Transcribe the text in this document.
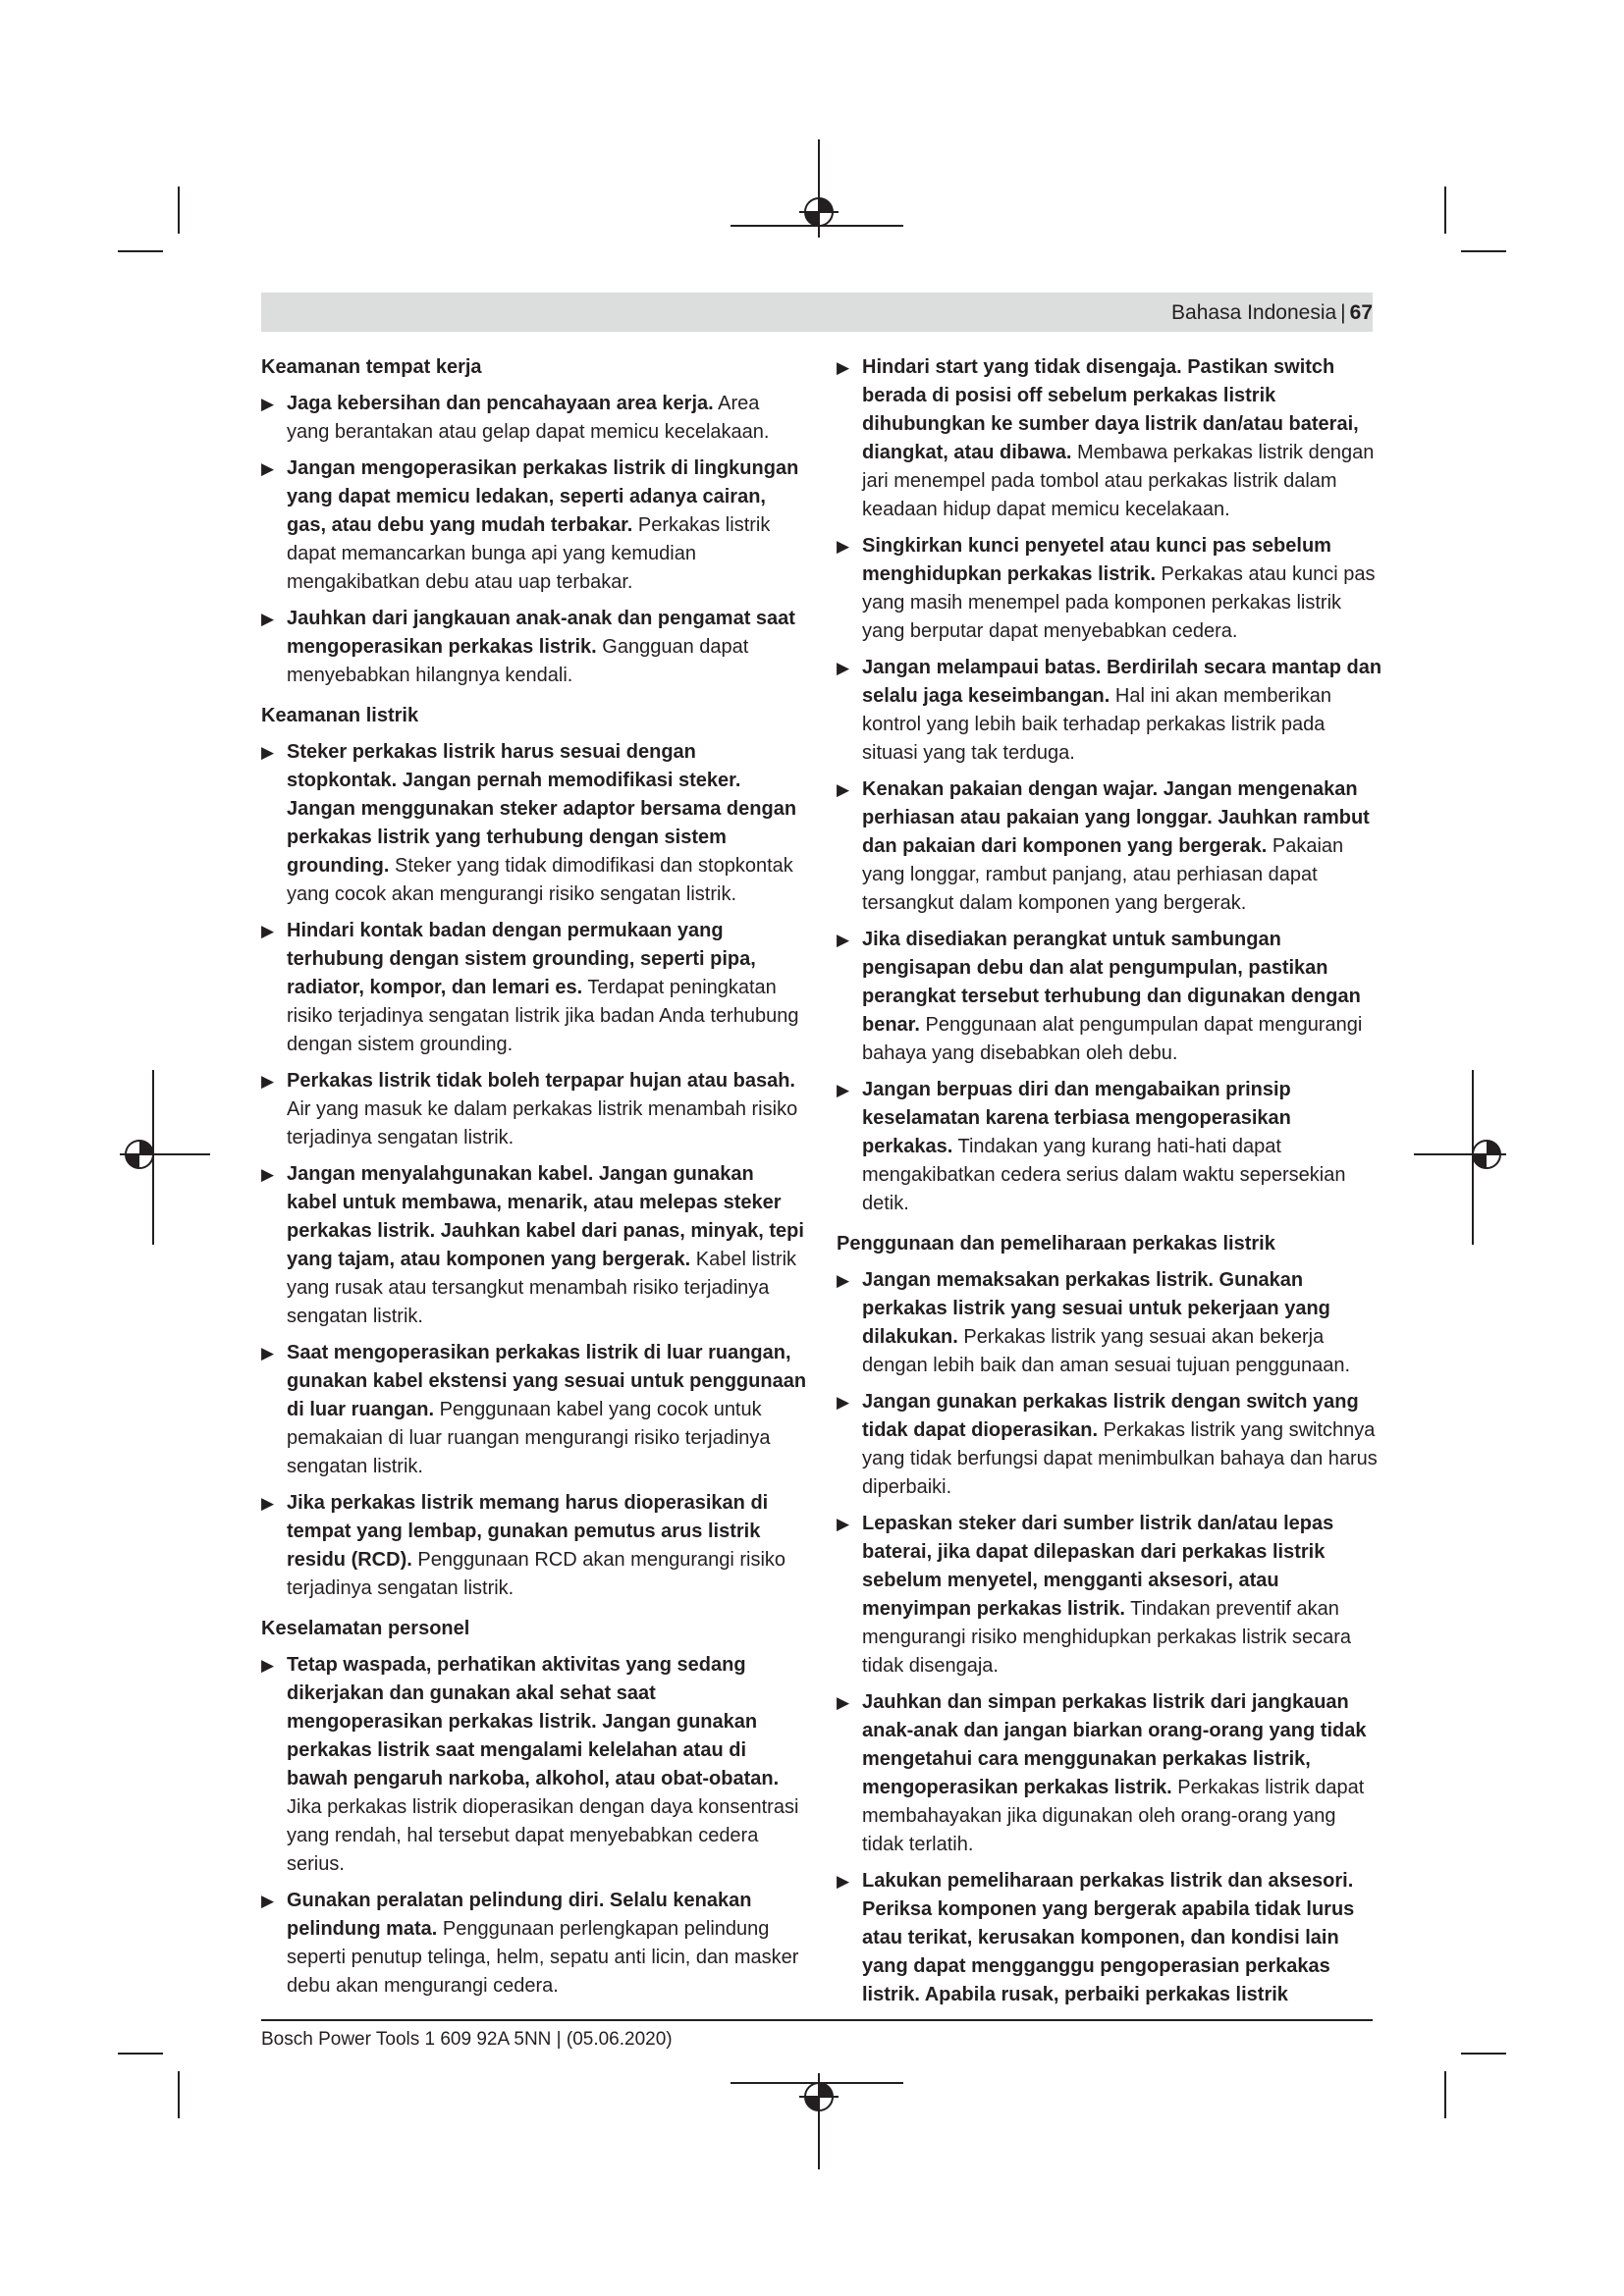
Bahasa Indonesia | 67
Keamanan tempat kerja
▶ Jaga kebersihan dan pencahayaan area kerja. Area yang berantakan atau gelap dapat memicu kecelakaan.
▶ Jangan mengoperasikan perkakas listrik di lingkungan yang dapat memicu ledakan, seperti adanya cairan, gas, atau debu yang mudah terbakar. Perkakas listrik dapat memancarkan bunga api yang kemudian mengakibatkan debu atau uap terbakar.
▶ Jauhkan dari jangkauan anak-anak dan pengamat saat mengoperasikan perkakas listrik. Gangguan dapat menyebabkan hilangnya kendali.
Keamanan listrik
▶ Steker perkakas listrik harus sesuai dengan stopkontak. Jangan pernah memodifikasi steker. Jangan menggunakan steker adaptor bersama dengan perkakas listrik yang terhubung dengan sistem grounding. Steker yang tidak dimodifikasi dan stopkontak yang cocok akan mengurangi risiko sengatan listrik.
▶ Hindari kontak badan dengan permukaan yang terhubung dengan sistem grounding, seperti pipa, radiator, kompor, dan lemari es. Terdapat peningkatan risiko terjadinya sengatan listrik jika badan Anda terhubung dengan sistem grounding.
▶ Perkakas listrik tidak boleh terpapar hujan atau basah. Air yang masuk ke dalam perkakas listrik menambah risiko terjadinya sengatan listrik.
▶ Jangan menyalahgunakan kabel. Jangan gunakan kabel untuk membawa, menarik, atau melepas steker perkakas listrik. Jauhkan kabel dari panas, minyak, tepi yang tajam, atau komponen yang bergerak. Kabel listrik yang rusak atau tersangkut menambah risiko terjadinya sengatan listrik.
▶ Saat mengoperasikan perkakas listrik di luar ruangan, gunakan kabel ekstensi yang sesuai untuk penggunaan di luar ruangan. Penggunaan kabel yang cocok untuk pemakaian di luar ruangan mengurangi risiko terjadinya sengatan listrik.
▶ Jika perkakas listrik memang harus dioperasikan di tempat yang lembap, gunakan pemutus arus listrik residu (RCD). Penggunaan RCD akan mengurangi risiko terjadinya sengatan listrik.
Keselamatan personel
▶ Tetap waspada, perhatikan aktivitas yang sedang dikerjakan dan gunakan akal sehat saat mengoperasikan perkakas listrik. Jangan gunakan perkakas listrik saat mengalami kelelahan atau di bawah pengaruh narkoba, alkohol, atau obat-obatan. Jika perkakas listrik dioperasikan dengan daya konsentrasi yang rendah, hal tersebut dapat menyebabkan cedera serius.
▶ Gunakan peralatan pelindung diri. Selalu kenakan pelindung mata. Penggunaan perlengkapan pelindung seperti penutup telinga, helm, sepatu anti licin, dan masker debu akan mengurangi cedera.
▶ Hindari start yang tidak disengaja. Pastikan switch berada di posisi off sebelum perkakas listrik dihubungkan ke sumber daya listrik dan/atau baterai, diangkat, atau dibawa. Membawa perkakas listrik dengan jari menempel pada tombol atau perkakas listrik dalam keadaan hidup dapat memicu kecelakaan.
▶ Singkirkan kunci penyetel atau kunci pas sebelum menghidupkan perkakas listrik. Perkakas atau kunci pas yang masih menempel pada komponen perkakas listrik yang berputar dapat menyebabkan cedera.
▶ Jangan melampaui batas. Berdirilah secara mantap dan selalu jaga keseimbangan. Hal ini akan memberikan kontrol yang lebih baik terhadap perkakas listrik pada situasi yang tak terduga.
▶ Kenakan pakaian dengan wajar. Jangan mengenakan perhiasan atau pakaian yang longgar. Jauhkan rambut dan pakaian dari komponen yang bergerak. Pakaian yang longgar, rambut panjang, atau perhiasan dapat tersangkut dalam komponen yang bergerak.
▶ Jika disediakan perangkat untuk sambungan pengisapan debu dan alat pengumpulan, pastikan perangkat tersebut terhubung dan digunakan dengan benar. Penggunaan alat pengumpulan dapat mengurangi bahaya yang disebabkan oleh debu.
▶ Jangan berpuas diri dan mengabaikan prinsip keselamatan karena terbiasa mengoperasikan perkakas. Tindakan yang kurang hati-hati dapat mengakibatkan cedera serius dalam waktu sepersekian detik.
Penggunaan dan pemeliharaan perkakas listrik
▶ Jangan memaksakan perkakas listrik. Gunakan perkakas listrik yang sesuai untuk pekerjaan yang dilakukan. Perkakas listrik yang sesuai akan bekerja dengan lebih baik dan aman sesuai tujuan penggunaan.
▶ Jangan gunakan perkakas listrik dengan switch yang tidak dapat dioperasikan. Perkakas listrik yang switchnya yang tidak berfungsi dapat menimbulkan bahaya dan harus diperbaiki.
▶ Lepaskan steker dari sumber listrik dan/atau lepas baterai, jika dapat dilepaskan dari perkakas listrik sebelum menyetel, mengganti aksesori, atau menyimpan perkakas listrik. Tindakan preventif akan mengurangi risiko menghidupkan perkakas listrik secara tidak disengaja.
▶ Jauhkan dan simpan perkakas listrik dari jangkauan anak-anak dan jangan biarkan orang-orang yang tidak mengetahui cara menggunakan perkakas listrik, mengoperasikan perkakas listrik. Perkakas listrik dapat membahayakan jika digunakan oleh orang-orang yang tidak terlatih.
▶ Lakukan pemeliharaan perkakas listrik dan aksesori. Periksa komponen yang bergerak apabila tidak lurus atau terikat, kerusakan komponen, dan kondisi lain yang dapat mengganggu pengoperasian perkakas listrik. Apabila rusak, perbaiki perkakas listrik
Bosch Power Tools 1 609 92A 5NN | (05.06.2020)
